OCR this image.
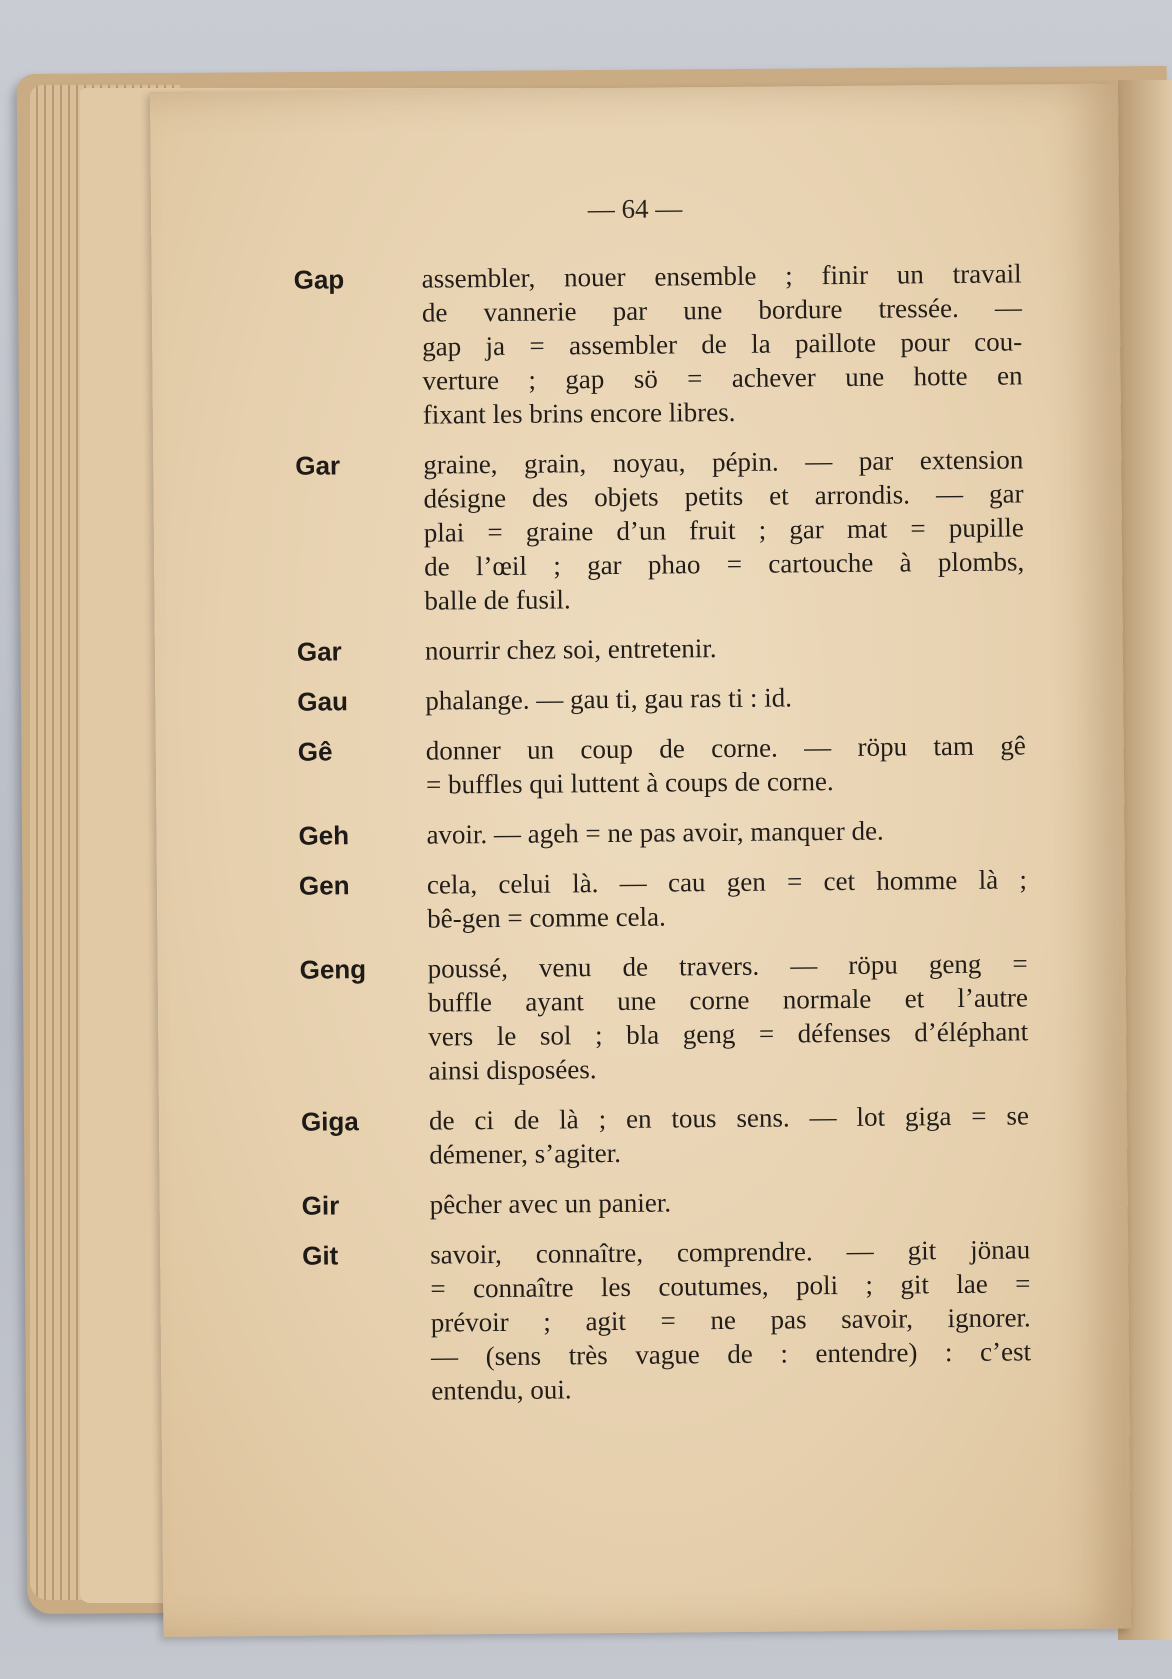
— 64 —
Gap	assembler, nouer ensemble ; finir un travail
de vannerie par une bordure tressée. —
gap ja = assembler de la paillote pour cou-
verture ; gap sö = achever une hotte en
fixant les brins encore libres.
Gar	graine, grain, noyau, pépin. — par extension
désigne des objets petits et arrondis. — gar
plai = graine d’un fruit ; gar mat = pupille
de l’œil ; gar phao = cartouche à plombs,
balle de fusil.
Gar	nourrir chez soi, entretenir.
Gau	phalange. — gau ti, gau ras ti : id.
Gê	donner un coup de corne. — röpu tam gê
= buffles qui luttent à coups de corne.
Geh	avoir. — ageh = ne pas avoir, manquer de.
Gen	cela, celui là. — cau gen = cet homme là ;
bê-gen = comme cela.
Geng	poussé, venu de travers. — röpu geng =
buffle ayant une corne normale et l’autre
vers le sol ; bla geng = défenses d’éléphant
ainsi disposées.
Giga	de ci de là ; en tous sens. — lot giga = se
démener, s’agiter.
Gir	pêcher avec un panier.
Git	savoir, connaître, comprendre. — git jönau
= connaître les coutumes, poli ; git lae =
prévoir ; agit = ne pas savoir, ignorer.
— (sens très vague de : entendre) : c’est
entendu, oui.
